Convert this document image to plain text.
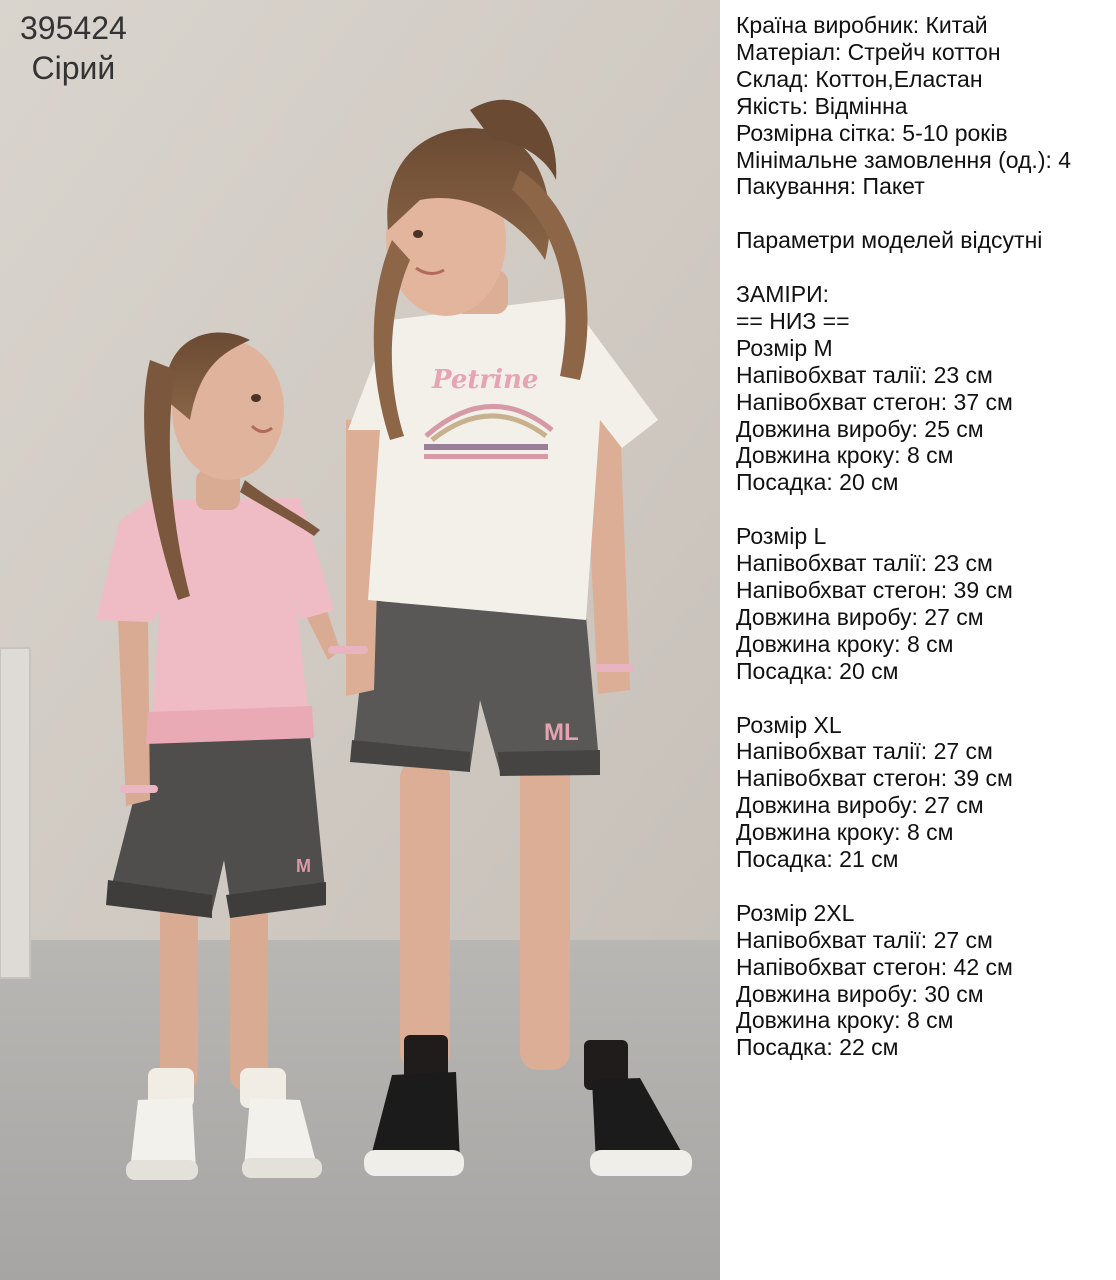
M
ML
Petrine
395424
Сірий
Країна виробник: Китай
Матеріал: Стрейч коттон
Склад: Коттон,Еластан
Якість: Відмінна
Розмірна сітка: 5-10 років
Мінімальне замовлення (од.): 4
Пакування: Пакет
Параметри моделей відсутні
ЗАМІРИ:
== НИЗ ==
Розмір M
Напівобхват талії: 23 см
Напівобхват стегон: 37 см
Довжина виробу: 25 см
Довжина кроку: 8 см
Посадка: 20 см
Розмір L
Напівобхват талії: 23 см
Напівобхват стегон: 39 см
Довжина виробу: 27 см
Довжина кроку: 8 см
Посадка: 20 см
Розмір XL
Напівобхват талії: 27 см
Напівобхват стегон: 39 см
Довжина виробу: 27 см
Довжина кроку: 8 см
Посадка: 21 см
Розмір 2XL
Напівобхват талії: 27 см
Напівобхват стегон: 42 см
Довжина виробу: 30 см
Довжина кроку: 8 см
Посадка: 22 см
